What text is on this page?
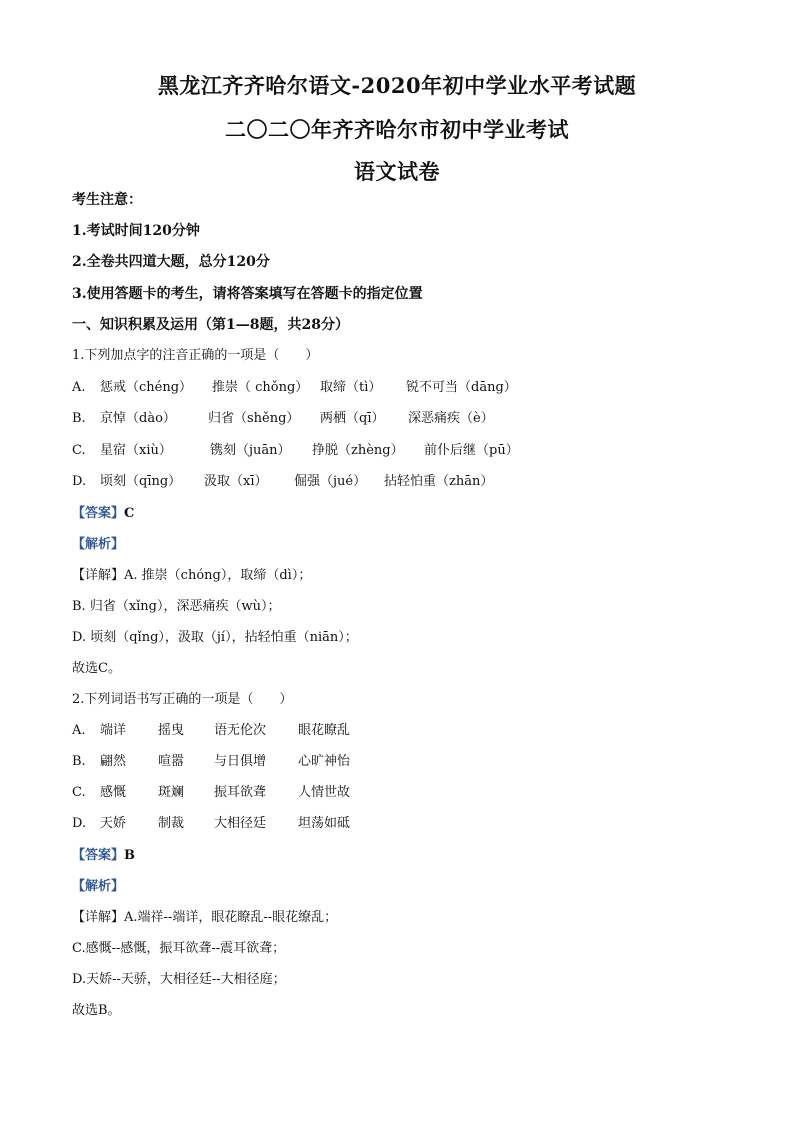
黑龙江齐齐哈尔语文-2020年初中学业水平考试题
二〇二〇年齐齐哈尔市初中学业考试
语文试卷
考生注意：
1.考试时间120分钟
2.全卷共四道大题，总分120分
3.使用答题卡的考生，请将答案填写在答题卡的指定位置
一、知识积累及运用（第1—8题，共28分）
1.下列加点字的注音正确的一项是（　　）
A. 惩戒（chéng） 推崇（ chǒng） 取缔（tì） 锐不可当（dāng）
B. 京悼（dào） 归省（shěng） 两栖（qī） 深恶痛疾（è）
C. 星宿（xiù）	镌刻（juān） 挣脱（zhèng） 前仆后继（pū）
D. 顷刻（qīng） 汲取（xī） 倔强（jué） 拈轻怕重（zhān）
【答案】C
【解析】
【详解】A. 推崇（chóng），取缔（dì）；
B. 归省（xǐng），深恶痛疾（wù）；
D. 顷刻（qǐng），汲取（jí），拈轻怕重（niān）；
故选C。
2.下列词语书写正确的一项是（　　）
A. 端详 摇曳 语无伦次 眼花瞭乱
B. 翩然 喧嚣 与日俱增 心旷神怡
C. 感慨 斑斓 振耳欲聋 人情世故
D. 天娇 制裁 大相径廷 坦荡如砥
【答案】B
【解析】
【详解】A.端祥--端详，眼花瞭乱--眼花缭乱；
C.感慨--感慨，振耳欲聋--震耳欲聋；
D.天娇--天骄，大相径廷--大相径庭；
故选B。
